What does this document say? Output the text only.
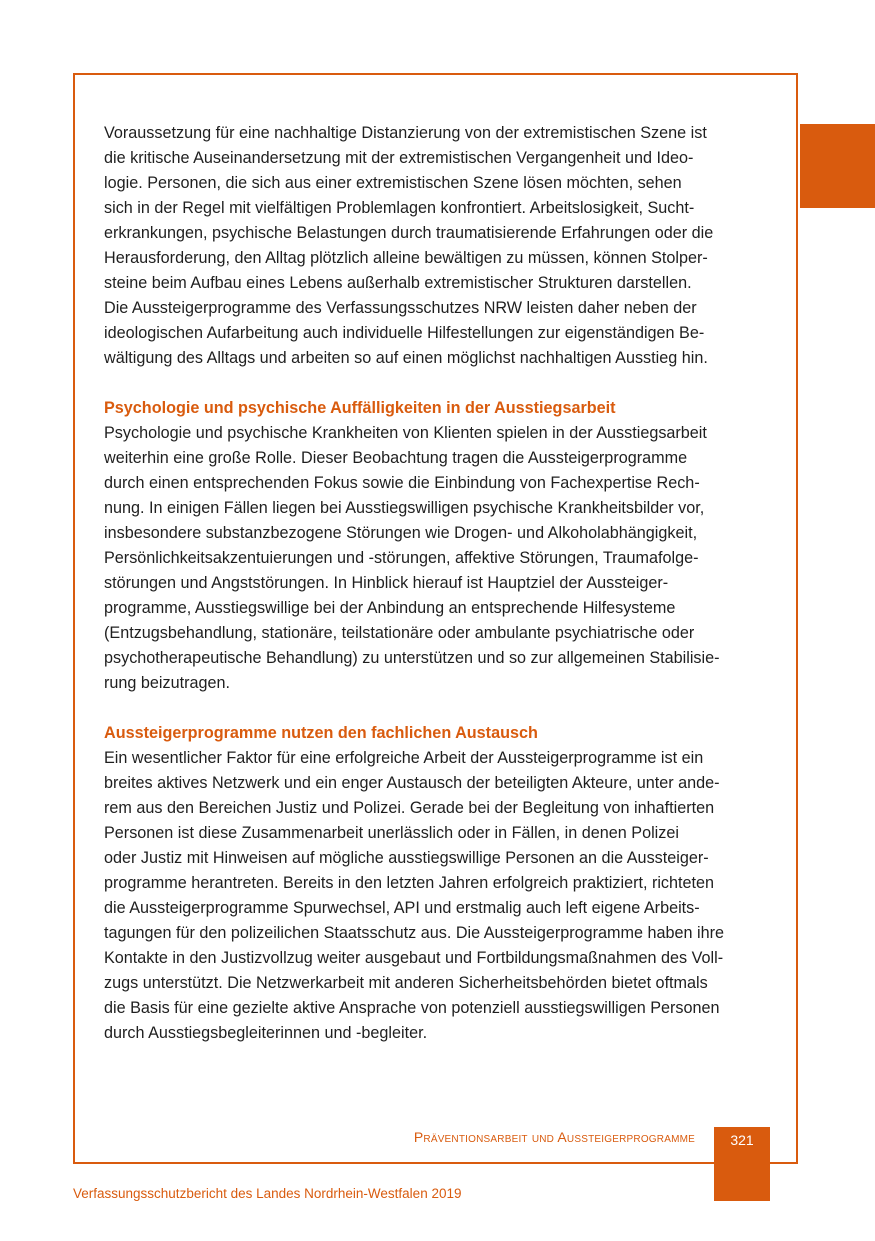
Voraussetzung für eine nachhaltige Distanzierung von der extremistischen Szene ist
die kritische Auseinandersetzung mit der extremistischen Vergangenheit und Ideo-
logie. Personen, die sich aus einer extremistischen Szene lösen möchten, sehen
sich in der Regel mit vielfältigen Problemlagen konfrontiert. Arbeitslosigkeit, Sucht-
erkrankungen, psychische Belastungen durch traumatisierende Erfahrungen oder die
Herausforderung, den Alltag plötzlich alleine bewältigen zu müssen, können Stolper-
steine beim Aufbau eines Lebens außerhalb extremistischer Strukturen darstellen.
Die Aussteigerprogramme des Verfassungsschutzes NRW leisten daher neben der
ideologischen Aufarbeitung auch individuelle Hilfestellungen zur eigenständigen Be-
wältigung des Alltags und arbeiten so auf einen möglichst nachhaltigen Ausstieg hin.

Psychologie und psychische Auffälligkeiten in der Ausstiegsarbeit

Psychologie und psychische Krankheiten von Klienten spielen in der Ausstiegsarbeit
weiterhin eine große Rolle. Dieser Beobachtung tragen die Aussteigerprogramme
durch einen entsprechenden Fokus sowie die Einbindung von Fachexpertise Rech-
nung. In einigen Fällen liegen bei Ausstiegswilligen psychische Krankheitsbilder vor,
insbesondere substanzbezogene Störungen wie Drogen- und Alkoholabhängigkeit,
Persönlichkeitsakzentuierungen und -störungen, affektive Störungen, Traumafolge-
störungen und Angststörungen. In Hinblick hierauf ist Hauptziel der Aussteiger-
programme, Ausstiegswillige bei der Anbindung an entsprechende Hilfesysteme
(Entzugsbehandlung, stationäre, teilstationäre oder ambulante psychiatrische oder
psychotherapeutische Behandlung) zu unterstützen und so zur allgemeinen Stabilisie-
rung beizutragen.

Aussteigerprogramme nutzen den fachlichen Austausch

Ein wesentlicher Faktor für eine erfolgreiche Arbeit der Aussteigerprogramme ist ein
breites aktives Netzwerk und ein enger Austausch der beteiligten Akteure, unter ande-
rem aus den Bereichen Justiz und Polizei. Gerade bei der Begleitung von inhaftierten
Personen ist diese Zusammenarbeit unerlässlich oder in Fällen, in denen Polizei
oder Justiz mit Hinweisen auf mögliche ausstiegswillige Personen an die Aussteiger-
programme herantreten. Bereits in den letzten Jahren erfolgreich praktiziert, richteten
die Aussteigerprogramme Spurwechsel, API und erstmalig auch left eigene Arbeits-
tagungen für den polizeilichen Staatsschutz aus. Die Aussteigerprogramme haben ihre
Kontakte in den Justizvollzug weiter ausgebaut und Fortbildungsmaßnahmen des Voll-
zugs unterstützt. Die Netzwerkarbeit mit anderen Sicherheitsbehörden bietet oftmals
die Basis für eine gezielte aktive Ansprache von potenziell ausstiegswilligen Personen
durch Ausstiegsbegleiterinnen und -begleiter.

Präventionsarbeit und Aussteigerprogramme	321
Verfassungsschutzbericht des Landes Nordrhein-Westfalen 2019
